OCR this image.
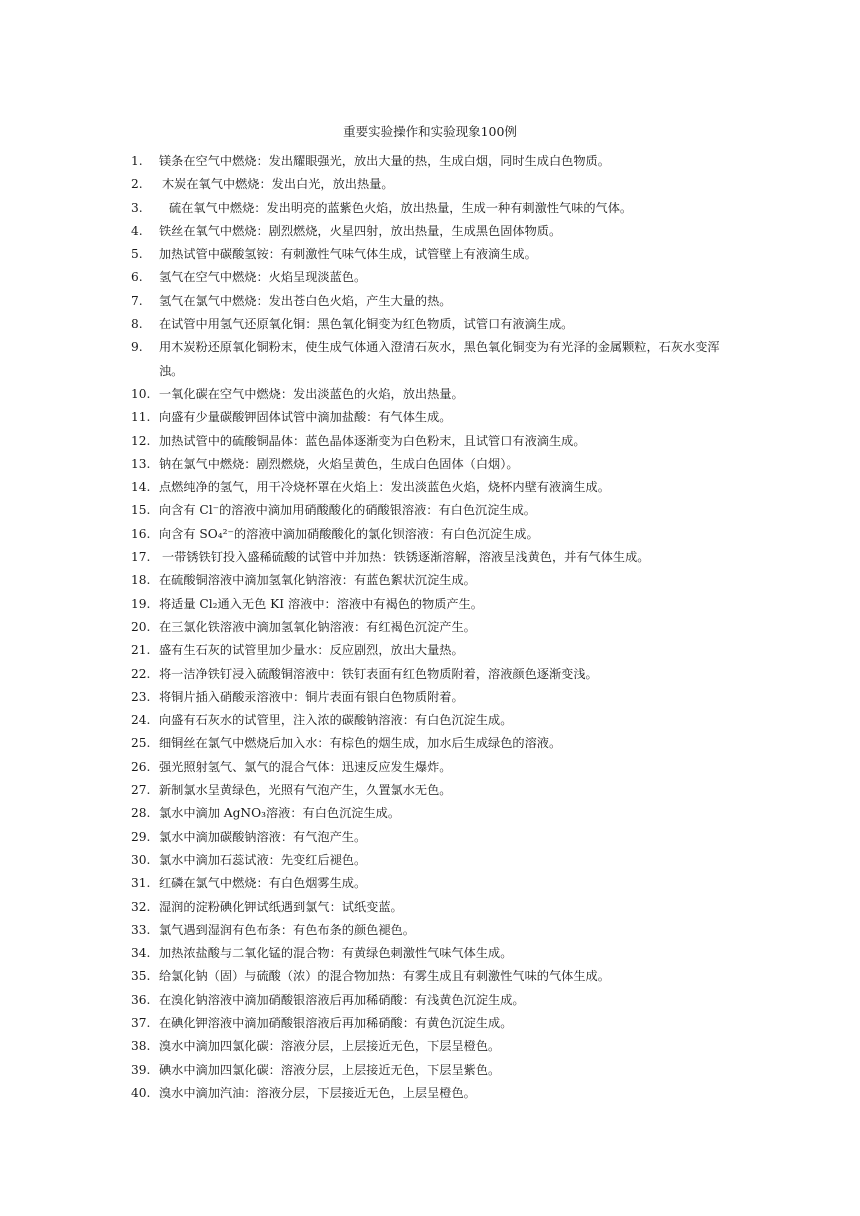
重要实验操作和实验现象100例
1.	镁条在空气中燃烧：发出耀眼强光，放出大量的热，生成白烟，同时生成白色物质。
2.	木炭在氧气中燃烧：发出白光，放出热量。
3.	硫在氧气中燃烧：发出明亮的蓝紫色火焰，放出热量，生成一种有刺激性气味的气体。
4.	铁丝在氧气中燃烧：剧烈燃烧，火星四射，放出热量，生成黑色固体物质。
5.	加热试管中碳酸氢铵：有刺激性气味气体生成，试管壁上有液滴生成。
6.	氢气在空气中燃烧：火焰呈现淡蓝色。
7.	氢气在氯气中燃烧：发出苍白色火焰，产生大量的热。
8.	在试管中用氢气还原氧化铜：黑色氧化铜变为红色物质，试管口有液滴生成。
9.	用木炭粉还原氧化铜粉末，使生成气体通入澄清石灰水，黑色氧化铜变为有光泽的金属颗粒，石灰水变浑浊。
10. 一氧化碳在空气中燃烧：发出淡蓝色的火焰，放出热量。
11. 向盛有少量碳酸钾固体试管中滴加盐酸：有气体生成。
12. 加热试管中的硫酸铜晶体：蓝色晶体逐渐变为白色粉末，且试管口有液滴生成。
13. 钠在氯气中燃烧：剧烈燃烧，火焰呈黄色，生成白色固体（白烟）。
14. 点燃纯净的氢气，用干冷烧杯罩在火焰上：发出淡蓝色火焰，烧杯内壁有液滴生成。
15. 向含有 Cl⁻的溶液中滴加用硝酸酸化的硝酸银溶液：有白色沉淀生成。
16. 向含有 SO₄²⁻的溶液中滴加硝酸酸化的氯化钡溶液：有白色沉淀生成。
17. 一带锈铁钉投入盛稀硫酸的试管中并加热：铁锈逐渐溶解，溶液呈浅黄色，并有气体生成。
18. 在硫酸铜溶液中滴加氢氧化钠溶液：有蓝色絮状沉淀生成。
19. 将适量 Cl₂通入无色 KI 溶液中：溶液中有褐色的物质产生。
20. 在三氯化铁溶液中滴加氢氧化钠溶液：有红褐色沉淀产生。
21. 盛有生石灰的试管里加少量水：反应剧烈，放出大量热。
22. 将一洁净铁钉浸入硫酸铜溶液中：铁钉表面有红色物质附着，溶液颜色逐渐变浅。
23. 将铜片插入硝酸汞溶液中：铜片表面有银白色物质附着。
24. 向盛有石灰水的试管里，注入浓的碳酸钠溶液：有白色沉淀生成。
25. 细铜丝在氯气中燃烧后加入水：有棕色的烟生成，加水后生成绿色的溶液。
26. 强光照射氢气、氯气的混合气体：迅速反应发生爆炸。
27. 新制氯水呈黄绿色，光照有气泡产生，久置氯水无色。
28. 氯水中滴加 AgNO₃溶液：有白色沉淀生成。
29. 氯水中滴加碳酸钠溶液：有气泡产生。
30. 氯水中滴加石蕊试液：先变红后褪色。
31. 红磷在氯气中燃烧：有白色烟雾生成。
32. 湿润的淀粉碘化钾试纸遇到氯气：试纸变蓝。
33. 氯气遇到湿润有色布条：有色布条的颜色褪色。
34. 加热浓盐酸与二氧化锰的混合物：有黄绿色刺激性气味气体生成。
35. 给氯化钠（固）与硫酸（浓）的混合物加热：有雾生成且有刺激性气味的气体生成。
36. 在溴化钠溶液中滴加硝酸银溶液后再加稀硝酸：有浅黄色沉淀生成。
37. 在碘化钾溶液中滴加硝酸银溶液后再加稀硝酸：有黄色沉淀生成。
38. 溴水中滴加四氯化碳：溶液分层，上层接近无色，下层呈橙色。
39. 碘水中滴加四氯化碳：溶液分层，上层接近无色，下层呈紫色。
40. 溴水中滴加汽油：溶液分层，下层接近无色，上层呈橙色。
